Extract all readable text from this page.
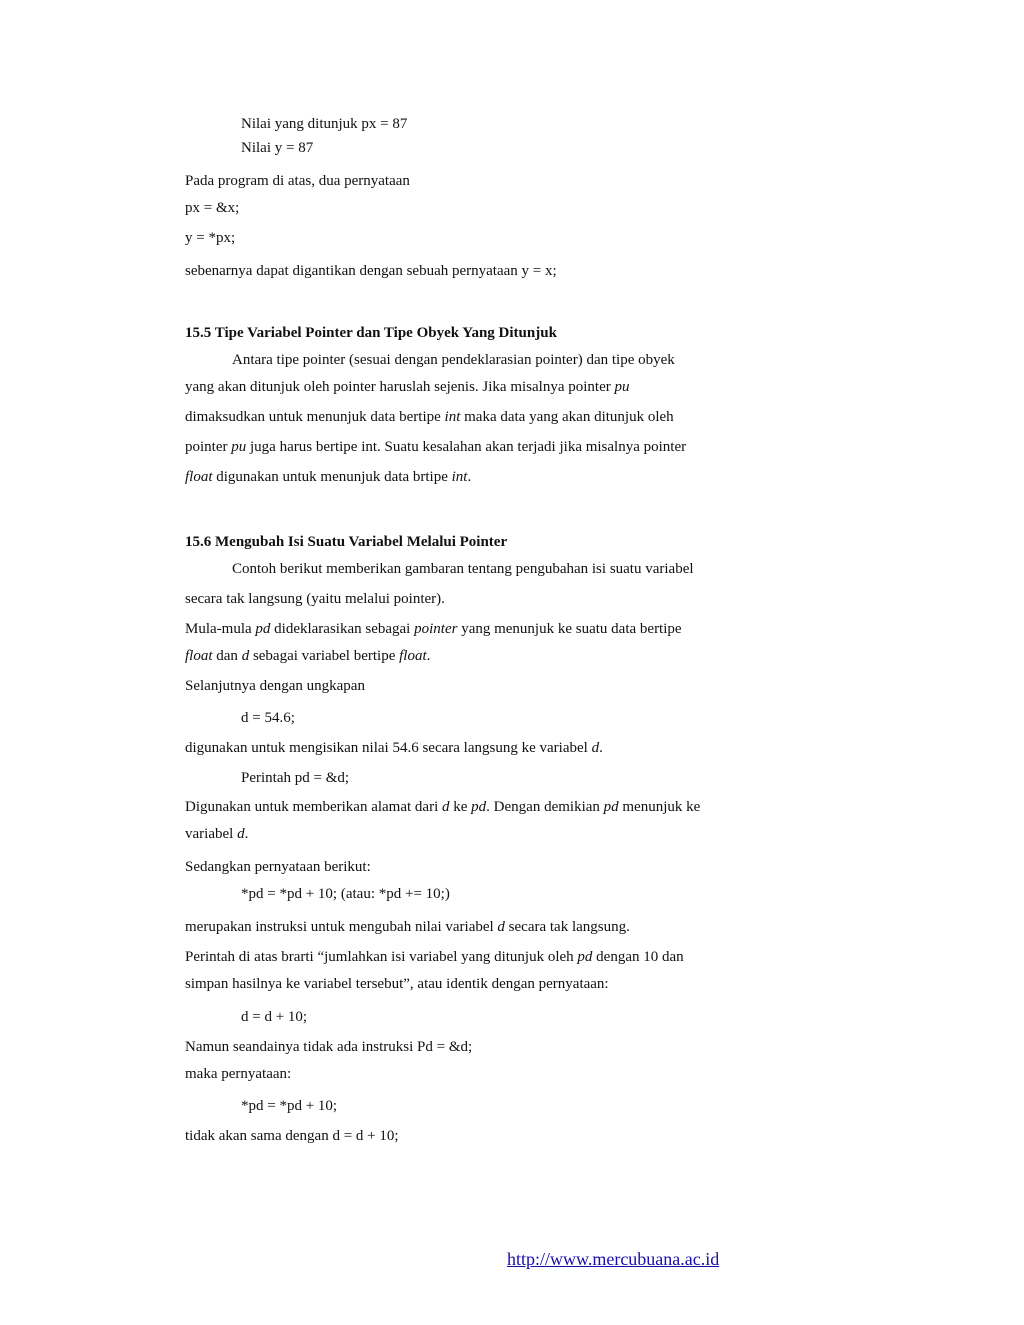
Nilai yang ditunjuk px = 87
Nilai y = 87
Pada program di atas, dua pernyataan
px = &x;
y = *px;
sebenarnya dapat digantikan dengan sebuah pernyataan y = x;
15.5 Tipe Variabel Pointer dan Tipe Obyek Yang Ditunjuk
Antara tipe pointer (sesuai dengan pendeklarasian pointer) dan tipe obyek
yang akan ditunjuk oleh pointer haruslah sejenis. Jika misalnya pointer pu
dimaksudkan untuk menunjuk data bertipe int maka data yang akan ditunjuk oleh
pointer pu juga harus bertipe int. Suatu kesalahan akan terjadi jika misalnya pointer
float digunakan untuk menunjuk data brtipe int.
15.6 Mengubah Isi Suatu Variabel Melalui Pointer
Contoh berikut memberikan gambaran tentang pengubahan isi suatu variabel
secara tak langsung (yaitu melalui pointer).
Mula-mula pd dideklarasikan sebagai pointer yang menunjuk ke suatu data bertipe
float dan d sebagai variabel bertipe float.
Selanjutnya dengan ungkapan
d = 54.6;
digunakan untuk mengisikan nilai 54.6 secara langsung ke variabel d.
Perintah pd = &d;
Digunakan untuk memberikan alamat dari d ke pd. Dengan demikian pd menunjuk ke
variabel d.
Sedangkan pernyataan berikut:
*pd = *pd + 10; (atau: *pd += 10;)
merupakan instruksi untuk mengubah nilai variabel d secara tak langsung.
Perintah di atas brarti “jumlahkan isi variabel yang ditunjuk oleh pd dengan 10 dan
simpan hasilnya ke variabel tersebut”, atau identik dengan pernyataan:
d = d + 10;
Namun seandainya tidak ada instruksi Pd = &d;
maka pernyataan:
*pd = *pd + 10;
tidak akan sama dengan d = d + 10;
http://www.mercubuana.ac.id
